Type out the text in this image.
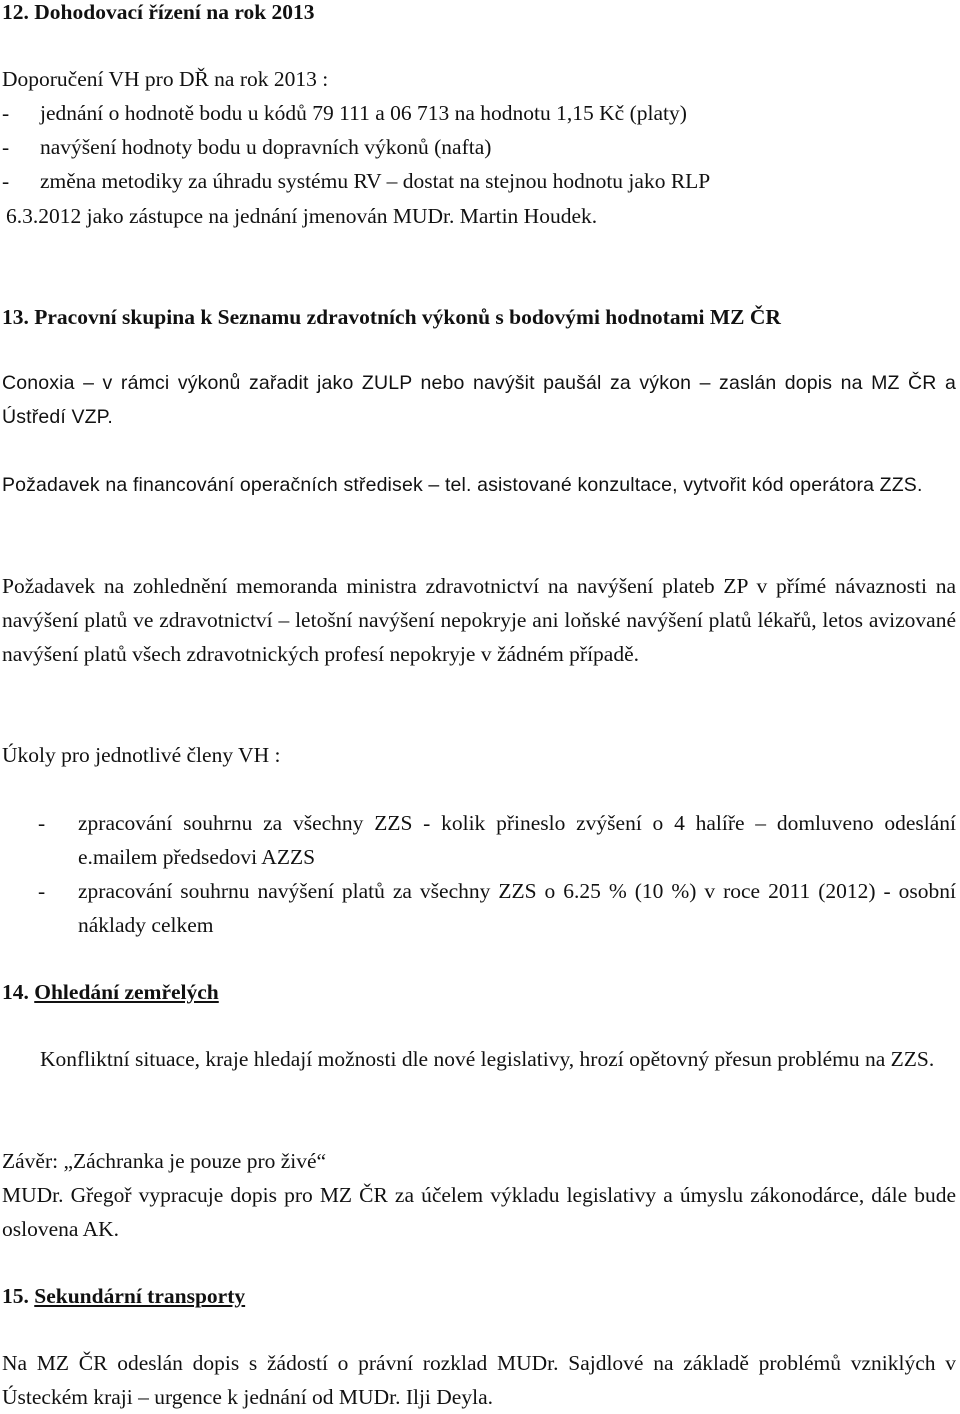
12. Dohodovací řízení na rok 2013
Doporučení VH pro DŘ na rok 2013 :
-	jednání o hodnotě bodu u kódů 79 111 a 06 713 na hodnotu 1,15 Kč (platy)
-	navýšení hodnoty bodu u dopravních výkonů (nafta)
-	změna metodiky za úhradu systému RV – dostat na stejnou hodnotu jako RLP
6.3.2012 jako zástupce na jednání jmenován MUDr. Martin Houdek.
13. Pracovní skupina k Seznamu zdravotních výkonů s bodovými hodnotami MZ ČR
Conoxia – v rámci výkonů zařadit jako ZULP nebo navýšit paušál za výkon – zaslán dopis na MZ ČR a Ústředí VZP.
Požadavek na financování operačních středisek – tel. asistované konzultace, vytvořit kód operátora ZZS.
Požadavek na zohlednění memoranda ministra zdravotnictví na navýšení plateb ZP v přímé návaznosti na navýšení platů ve zdravotnictví – letošní navýšení nepokryje ani loňské navýšení platů lékařů, letos avizované navýšení platů všech zdravotnických profesí nepokryje v žádném případě.
Úkoly pro jednotlivé členy VH :
-	zpracování souhrnu za všechny ZZS - kolik přineslo zvýšení o 4 halíře – domluveno odeslání e.mailem předsedovi AZZS
-	zpracování souhrnu navýšení platů za všechny ZZS o 6.25 % (10 %) v roce 2011 (2012) - osobní náklady celkem
14. Ohledání zemřelých
Konfliktní situace, kraje hledají možnosti dle nové legislativy, hrozí opětovný přesun problému na ZZS.
Závěr: „Záchranka je pouze pro živé“
MUDr. Gřegoř vypracuje dopis pro MZ ČR za účelem výkladu legislativy a úmyslu zákonodárce, dále bude oslovena AK.
15. Sekundární transporty
Na MZ ČR odeslán dopis s žádostí o právní rozklad MUDr. Sajdlové na základě problémů vzniklých v Ústeckém kraji – urgence k jednání od MUDr. Ilji Deyla.
